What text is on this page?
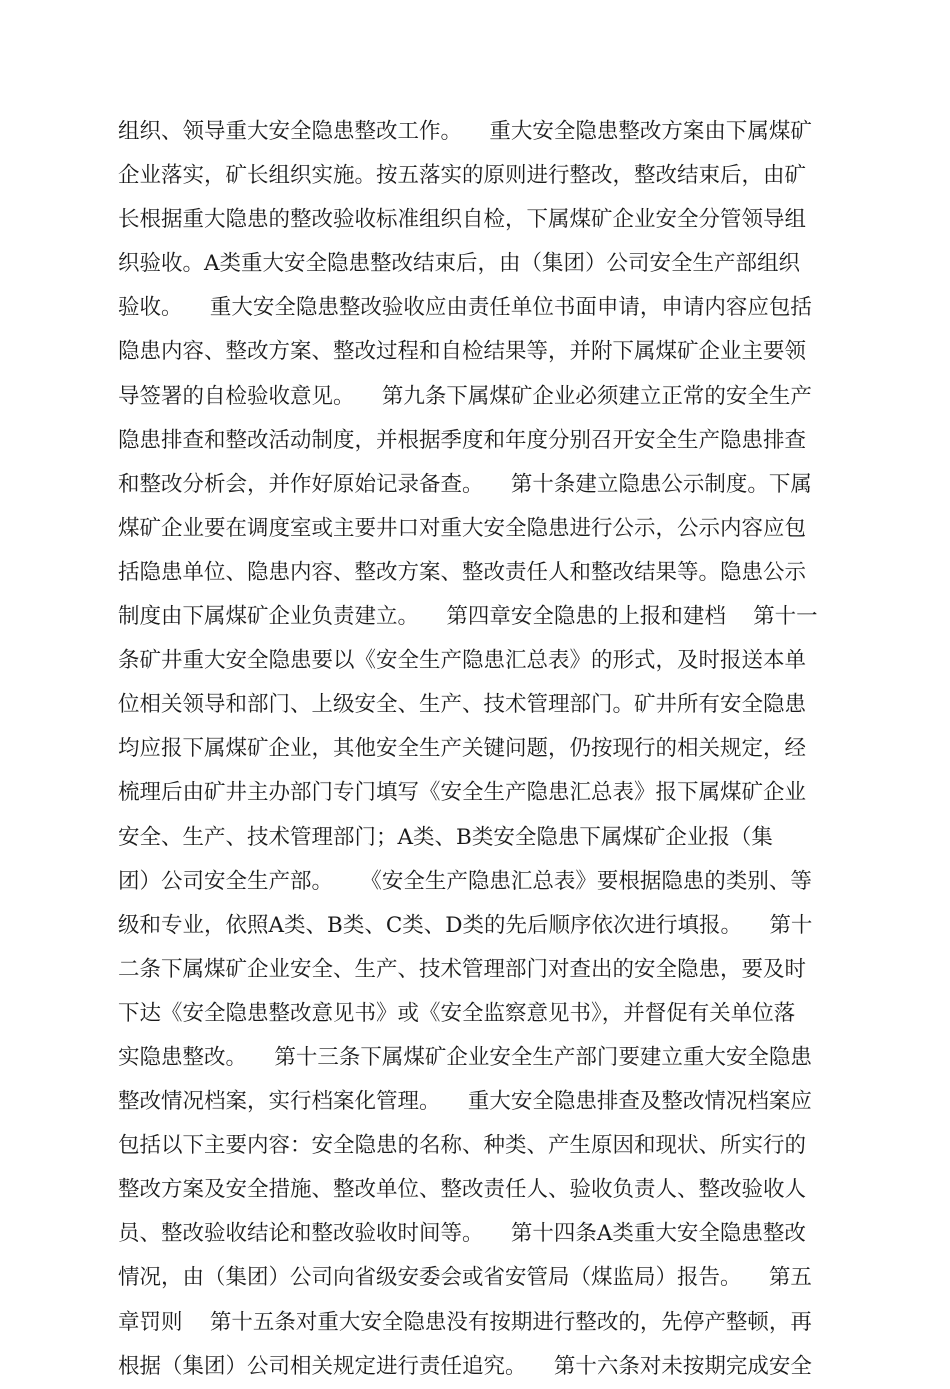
组织、领导重大安全隐患整改工作。    重大安全隐患整改方案由下属煤矿
企业落实，矿长组织实施。按五落实的原则进行整改，整改结束后，由矿
长根据重大隐患的整改验收标准组织自检，下属煤矿企业安全分管领导组
织验收。A类重大安全隐患整改结束后，由（集团）公司安全生产部组织
验收。    重大安全隐患整改验收应由责任单位书面申请，申请内容应包括
隐患内容、整改方案、整改过程和自检结果等，并附下属煤矿企业主要领
导签署的自检验收意见。    第九条下属煤矿企业必须建立正常的安全生产
隐患排查和整改活动制度，并根据季度和年度分别召开安全生产隐患排查
和整改分析会，并作好原始记录备查。    第十条建立隐患公示制度。下属
煤矿企业要在调度室或主要井口对重大安全隐患进行公示，公示内容应包
括隐患单位、隐患内容、整改方案、整改责任人和整改结果等。隐患公示
制度由下属煤矿企业负责建立。    第四章安全隐患的上报和建档    第十一
条矿井重大安全隐患要以《安全生产隐患汇总表》的形式，及时报送本单
位相关领导和部门、上级安全、生产、技术管理部门。矿井所有安全隐患
均应报下属煤矿企业，其他安全生产关键问题，仍按现行的相关规定，经
梳理后由矿井主办部门专门填写《安全生产隐患汇总表》报下属煤矿企业
安全、生产、技术管理部门；A类、B类安全隐患下属煤矿企业报（集
团）公司安全生产部。    《安全生产隐患汇总表》要根据隐患的类别、等
级和专业，依照A类、B类、C类、D类的先后顺序依次进行填报。    第十
二条下属煤矿企业安全、生产、技术管理部门对查出的安全隐患，要及时
下达《安全隐患整改意见书》或《安全监察意见书》，并督促有关单位落
实隐患整改。    第十三条下属煤矿企业安全生产部门要建立重大安全隐患
整改情况档案，实行档案化管理。    重大安全隐患排查及整改情况档案应
包括以下主要内容：安全隐患的名称、种类、产生原因和现状、所实行的
整改方案及安全措施、整改单位、整改责任人、验收负责人、整改验收人
员、整改验收结论和整改验收时间等。    第十四条A类重大安全隐患整改
情况，由（集团）公司向省级安委会或省安管局（煤监局）报告。    第五
章罚则    第十五条对重大安全隐患没有按期进行整改的，先停产整顿，再
根据（集团）公司相关规定进行责任追究。    第十六条对未按期完成安全
